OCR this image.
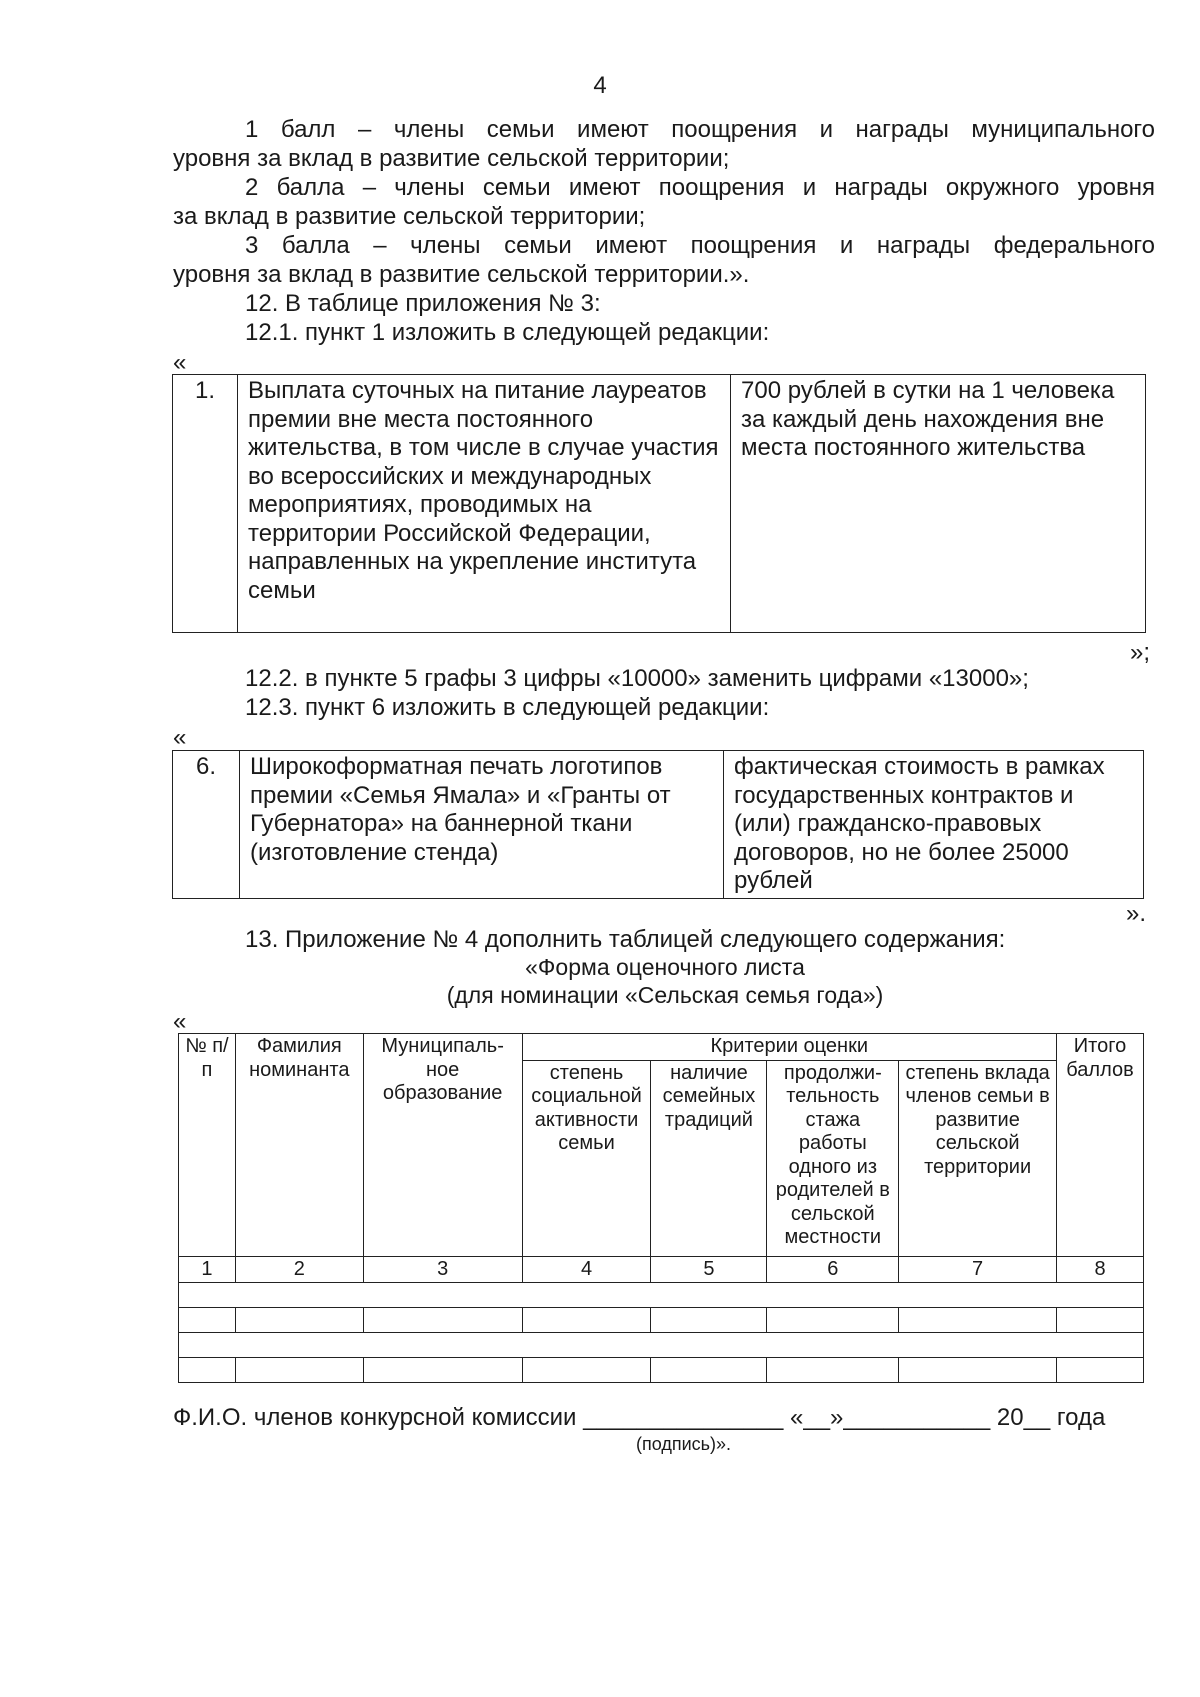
4
1 балл – члены семьи имеют поощрения и награды муниципального
уровня за вклад в развитие сельской территории;
2 балла – члены семьи имеют поощрения и награды окружного уровня
за вклад в развитие сельской территории;
3 балла – члены семьи имеют поощрения и награды федерального
уровня за вклад в развитие сельской территории.».
12. В таблице приложения № 3:
12.1. пункт 1 изложить в следующей редакции:
«
1.	Выплата суточных на питание лауреатов премии вне места постоянного жительства, в том числе в случае участия во всероссийских и международных мероприятиях, проводимых на территории Российской Федерации, направленных на укрепление института семьи	700 рублей в сутки на 1 человека за каждый день нахождения вне места постоянного жительства
»;
12.2. в пункте 5 графы 3 цифры «10000» заменить цифрами «13000»;
12.3. пункт 6 изложить в следующей редакции:
«
6.	Широкоформатная печать логотипов премии «Семья Ямала» и «Гранты от Губернатора» на баннерной ткани (изготовление стенда)	фактическая стоимость в рамках государственных контрактов и (или) гражданско-правовых договоров, но не более 25000 рублей
».
13. Приложение № 4 дополнить таблицей следующего содержания:
«Форма оценочного листа
(для номинации «Сельская семья года»)
«
№ п/п	Фамилия номинанта	Муниципаль-ное образование	Критерии оценки				Итого баллов
			степень социальной активности семьи	наличие семейных традиций	продолжи-тельность стажа работы одного из родителей в сельской местности	степень вклада членов семьи в развитие сельской территории	
1	2	3	4	5	6	7	8

Ф.И.О. членов конкурсной комиссии _______________ «__»___________ 20__ года
(подпись)».
